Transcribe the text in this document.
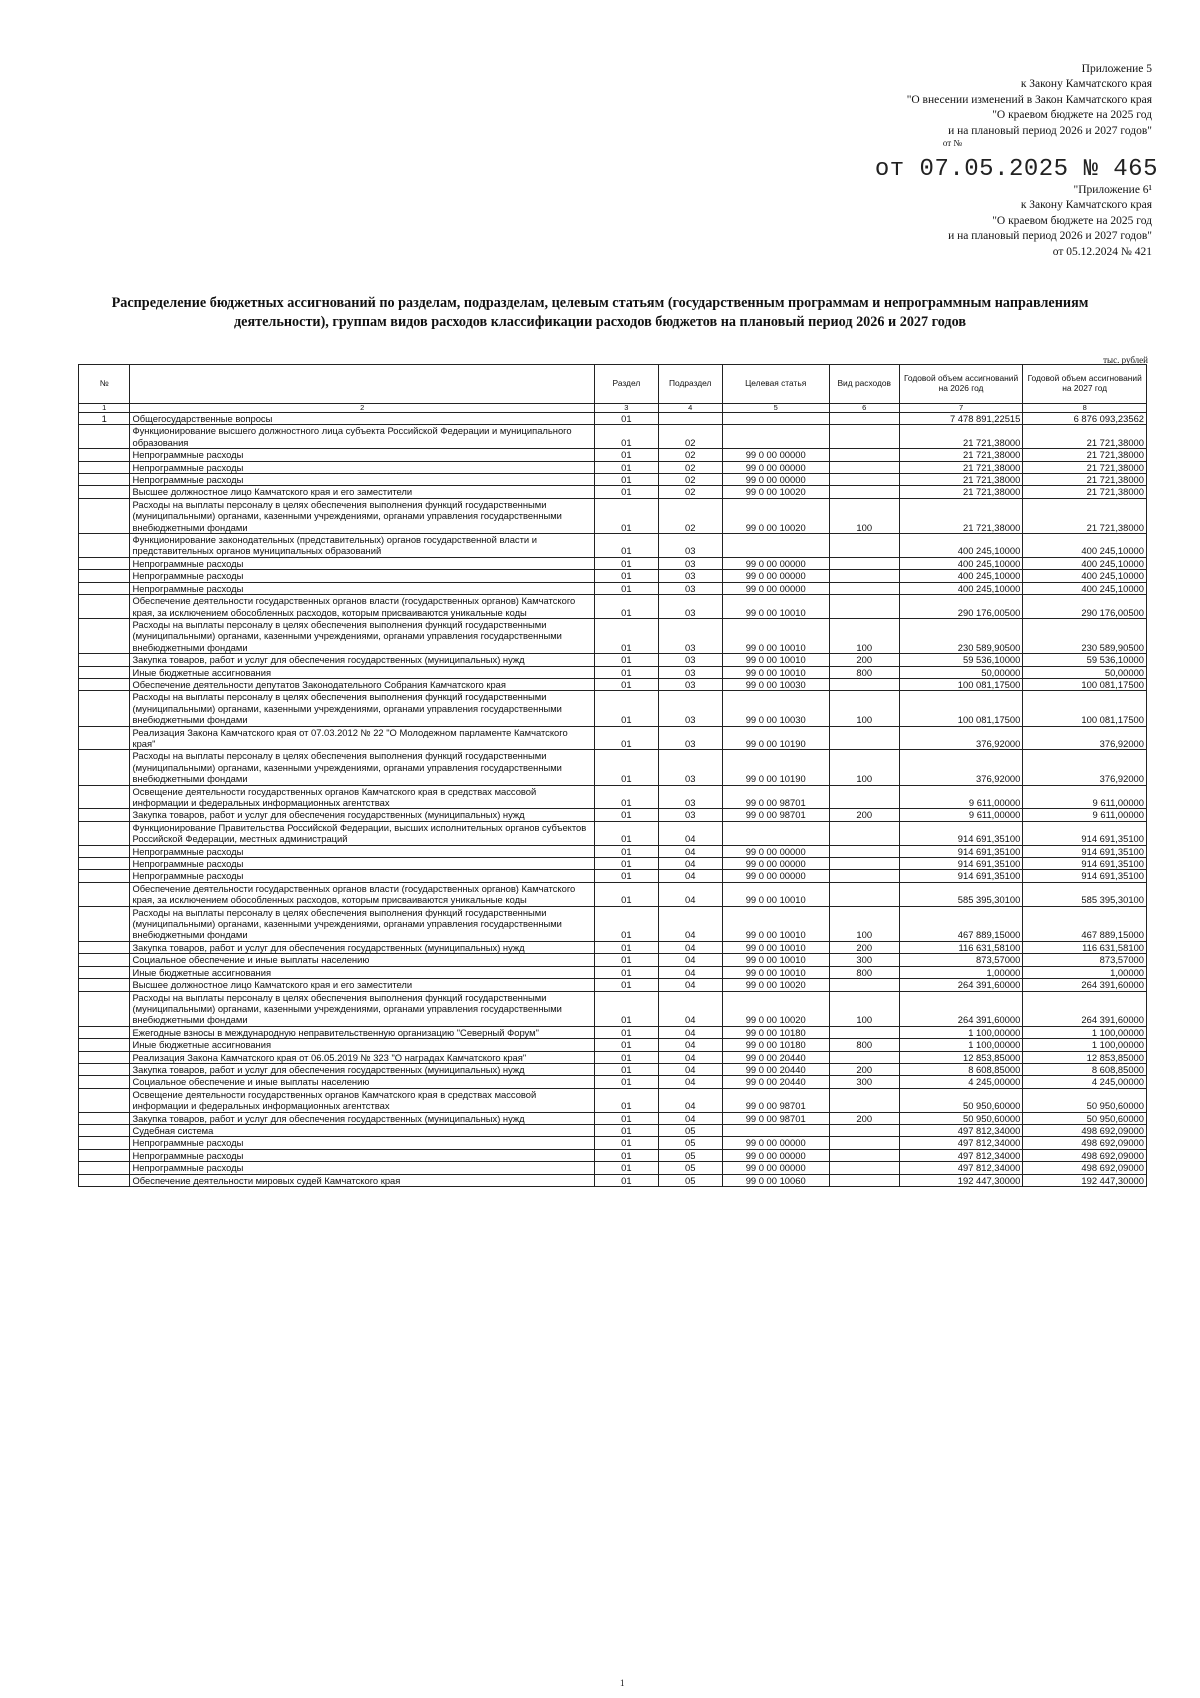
Приложение 5
к Закону Камчатского края
"О внесении изменений в Закон Камчатского края
"О краевом бюджете на 2025 год
и на плановый период 2026 и 2027 годов"
от №
от 07.05.2025 № 465
"Приложение 6¹
к Закону Камчатского края
"О краевом бюджете на 2025 год
и на плановый период 2026 и 2027 годов"
от 05.12.2024 № 421
Распределение бюджетных ассигнований по разделам, подразделам, целевым статьям (государственным программам и непрограммным направлениям деятельности), группам видов расходов классификации расходов бюджетов на плановый период 2026 и 2027 годов
тыс. рублей
№		Раздел	Подраздел	Целевая статья	Вид расходов	Годовой объем ассигнований на 2026 год	Годовой объем ассигнований на 2027 год
1	2	3	4	5	6	7	8
1	Общегосударственные вопросы	01				7 478 891,22515	6 876 093,23562
	Функционирование высшего должностного лица субъекта Российской Федерации и муниципального образования	01	02			21 721,38000	21 721,38000
	Непрограммные расходы	01	02	99 0 00 00000		21 721,38000	21 721,38000
	Непрограммные расходы	01	02	99 0 00 00000		21 721,38000	21 721,38000
	Непрограммные расходы	01	02	99 0 00 00000		21 721,38000	21 721,38000
	Высшее должностное лицо Камчатского края и его заместители	01	02	99 0 00 10020		21 721,38000	21 721,38000
	Расходы на выплаты персоналу в целях обеспечения выполнения функций государственными (муниципальными) органами, казенными учреждениями, органами управления государственными внебюджетными фондами	01	02	99 0 00 10020	100	21 721,38000	21 721,38000
	Функционирование законодательных (представительных) органов государственной власти и представительных органов муниципальных образований	01	03			400 245,10000	400 245,10000
	Непрограммные расходы	01	03	99 0 00 00000		400 245,10000	400 245,10000
	Непрограммные расходы	01	03	99 0 00 00000		400 245,10000	400 245,10000
	Непрограммные расходы	01	03	99 0 00 00000		400 245,10000	400 245,10000
	Обеспечение деятельности государственных органов власти (государственных органов) Камчатского края, за исключением обособленных расходов, которым присваиваются уникальные коды	01	03	99 0 00 10010		290 176,00500	290 176,00500
	Расходы на выплаты персоналу в целях обеспечения выполнения функций государственными (муниципальными) органами, казенными учреждениями, органами управления государственными внебюджетными фондами	01	03	99 0 00 10010	100	230 589,90500	230 589,90500
	Закупка товаров, работ и услуг для обеспечения государственных (муниципальных) нужд	01	03	99 0 00 10010	200	59 536,10000	59 536,10000
	Иные бюджетные ассигнования	01	03	99 0 00 10010	800	50,00000	50,00000
	Обеспечение деятельности депутатов Законодательного Собрания Камчатского края	01	03	99 0 00 10030		100 081,17500	100 081,17500
	Расходы на выплаты персоналу в целях обеспечения выполнения функций государственными (муниципальными) органами, казенными учреждениями, органами управления государственными внебюджетными фондами	01	03	99 0 00 10030	100	100 081,17500	100 081,17500
	Реализация Закона Камчатского края от 07.03.2012 № 22 "О Молодежном парламенте Камчатского края"	01	03	99 0 00 10190		376,92000	376,92000
	Расходы на выплаты персоналу в целях обеспечения выполнения функций государственными (муниципальными) органами, казенными учреждениями, органами управления государственными внебюджетными фондами	01	03	99 0 00 10190	100	376,92000	376,92000
	Освещение деятельности государственных органов Камчатского края в средствах массовой информации и федеральных информационных агентствах	01	03	99 0 00 98701		9 611,00000	9 611,00000
	Закупка товаров, работ и услуг для обеспечения государственных (муниципальных) нужд	01	03	99 0 00 98701	200	9 611,00000	9 611,00000
	Функционирование Правительства Российской Федерации, высших исполнительных органов субъектов Российской Федерации, местных администраций	01	04			914 691,35100	914 691,35100
	Непрограммные расходы	01	04	99 0 00 00000		914 691,35100	914 691,35100
	Непрограммные расходы	01	04	99 0 00 00000		914 691,35100	914 691,35100
	Непрограммные расходы	01	04	99 0 00 00000		914 691,35100	914 691,35100
	Обеспечение деятельности государственных органов власти (государственных органов) Камчатского края, за исключением обособленных расходов, которым присваиваются уникальные коды	01	04	99 0 00 10010		585 395,30100	585 395,30100
	Расходы на выплаты персоналу в целях обеспечения выполнения функций государственными (муниципальными) органами, казенными учреждениями, органами управления государственными внебюджетными фондами	01	04	99 0 00 10010	100	467 889,15000	467 889,15000
	Закупка товаров, работ и услуг для обеспечения государственных (муниципальных) нужд	01	04	99 0 00 10010	200	116 631,58100	116 631,58100
	Социальное обеспечение и иные выплаты населению	01	04	99 0 00 10010	300	873,57000	873,57000
	Иные бюджетные ассигнования	01	04	99 0 00 10010	800	1,00000	1,00000
	Высшее должностное лицо Камчатского края и его заместители	01	04	99 0 00 10020		264 391,60000	264 391,60000
	Расходы на выплаты персоналу в целях обеспечения выполнения функций государственными (муниципальными) органами, казенными учреждениями, органами управления государственными внебюджетными фондами	01	04	99 0 00 10020	100	264 391,60000	264 391,60000
	Ежегодные взносы в международную неправительственную организацию "Северный Форум"	01	04	99 0 00 10180		1 100,00000	1 100,00000
	Иные бюджетные ассигнования	01	04	99 0 00 10180	800	1 100,00000	1 100,00000
	Реализация Закона Камчатского края от 06.05.2019 № 323 "О наградах Камчатского края"	01	04	99 0 00 20440		12 853,85000	12 853,85000
	Закупка товаров, работ и услуг для обеспечения государственных (муниципальных) нужд	01	04	99 0 00 20440	200	8 608,85000	8 608,85000
	Социальное обеспечение и иные выплаты населению	01	04	99 0 00 20440	300	4 245,00000	4 245,00000
	Освещение деятельности государственных органов Камчатского края в средствах массовой информации и федеральных информационных агентствах	01	04	99 0 00 98701		50 950,60000	50 950,60000
	Закупка товаров, работ и услуг для обеспечения государственных (муниципальных) нужд	01	04	99 0 00 98701	200	50 950,60000	50 950,60000
	Судебная система	01	05			497 812,34000	498 692,09000
	Непрограммные расходы	01	05	99 0 00 00000		497 812,34000	498 692,09000
	Непрограммные расходы	01	05	99 0 00 00000		497 812,34000	498 692,09000
	Непрограммные расходы	01	05	99 0 00 00000		497 812,34000	498 692,09000
	Обеспечение деятельности мировых судей Камчатского края	01	05	99 0 00 10060		192 447,30000	192 447,30000
1
